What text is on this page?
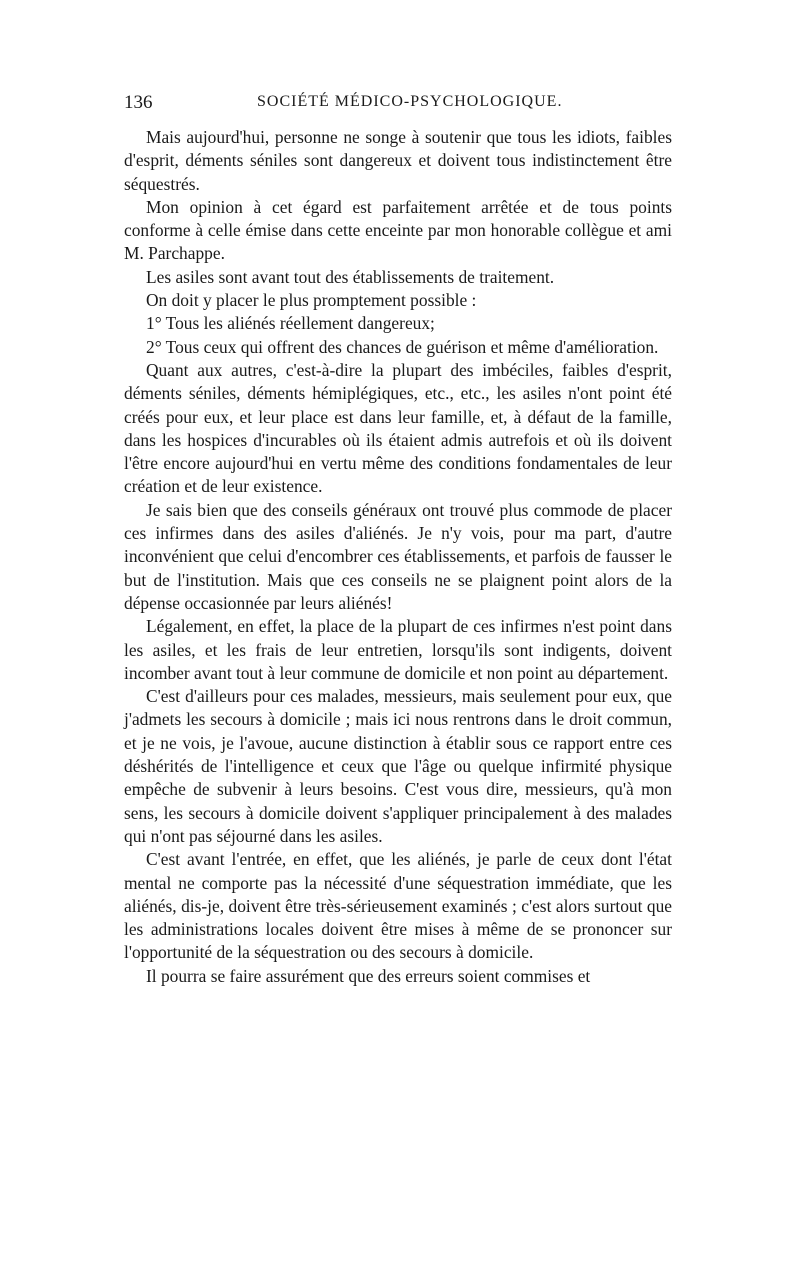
136	SOCIÉTÉ MÉDICO-PSYCHOLOGIQUE.

Mais aujourd'hui, personne ne songe à soutenir que tous les idiots, faibles d'esprit, déments séniles sont dangereux et doivent tous indistinctement être séquestrés.

Mon opinion à cet égard est parfaitement arrêtée et de tous points conforme à celle émise dans cette enceinte par mon honorable collègue et ami M. Parchappe.

Les asiles sont avant tout des établissements de traitement.

On doit y placer le plus promptement possible :

1° Tous les aliénés réellement dangereux;

2° Tous ceux qui offrent des chances de guérison et même d'amélioration.

Quant aux autres, c'est-à-dire la plupart des imbéciles, faibles d'esprit, déments séniles, déments hémiplégiques, etc., etc., les asiles n'ont point été créés pour eux, et leur place est dans leur famille, et, à défaut de la famille, dans les hospices d'incurables où ils étaient admis autrefois et où ils doivent l'être encore aujourd'hui en vertu même des conditions fondamentales de leur création et de leur existence.

Je sais bien que des conseils généraux ont trouvé plus commode de placer ces infirmes dans des asiles d'aliénés. Je n'y vois, pour ma part, d'autre inconvénient que celui d'encombrer ces établissements, et parfois de fausser le but de l'institution. Mais que ces conseils ne se plaignent point alors de la dépense occasionnée par leurs aliénés!

Légalement, en effet, la place de la plupart de ces infirmes n'est point dans les asiles, et les frais de leur entretien, lorsqu'ils sont indigents, doivent incomber avant tout à leur commune de domicile et non point au département.

C'est d'ailleurs pour ces malades, messieurs, mais seulement pour eux, que j'admets les secours à domicile ; mais ici nous rentrons dans le droit commun, et je ne vois, je l'avoue, aucune distinction à établir sous ce rapport entre ces déshérités de l'intelligence et ceux que l'âge ou quelque infirmité physique empêche de subvenir à leurs besoins. C'est vous dire, messieurs, qu'à mon sens, les secours à domicile doivent s'appliquer principalement à des malades qui n'ont pas séjourné dans les asiles.

C'est avant l'entrée, en effet, que les aliénés, je parle de ceux dont l'état mental ne comporte pas la nécessité d'une séquestration immédiate, que les aliénés, dis-je, doivent être très-sérieusement examinés ; c'est alors surtout que les administrations locales doivent être mises à même de se prononcer sur l'opportunité de la séquestration ou des secours à domicile.

Il pourra se faire assurément que des erreurs soient commises et
